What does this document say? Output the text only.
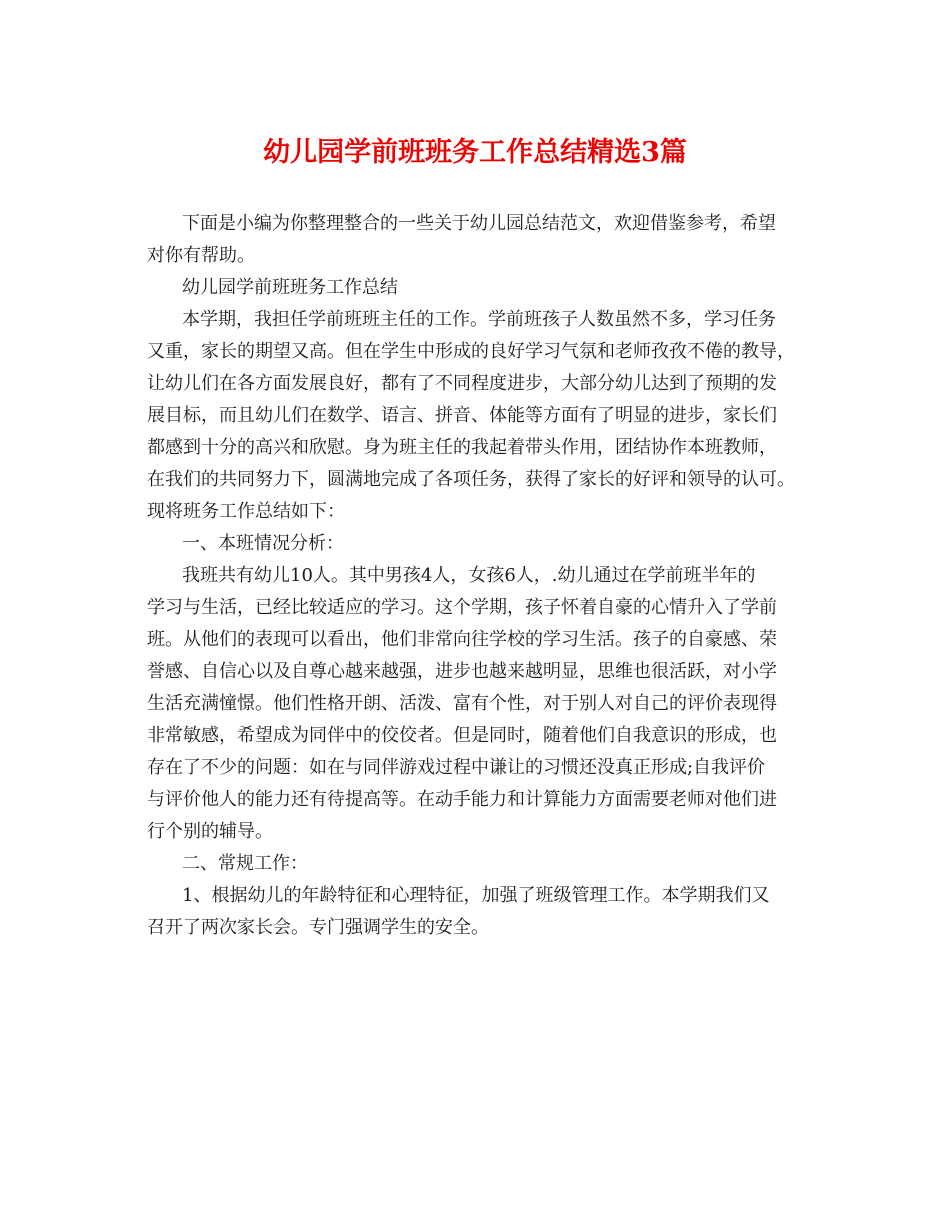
幼儿园学前班班务工作总结精选3篇
下面是小编为你整理整合的一些关于幼儿园总结范文，欢迎借鉴参考，希望
对你有帮助。
幼儿园学前班班务工作总结
本学期，我担任学前班班主任的工作。学前班孩子人数虽然不多，学习任务
又重，家长的期望又高。但在学生中形成的良好学习气氛和老师孜孜不倦的教导，
让幼儿们在各方面发展良好，都有了不同程度进步，大部分幼儿达到了预期的发
展目标，而且幼儿们在数学、语言、拼音、体能等方面有了明显的进步，家长们
都感到十分的高兴和欣慰。身为班主任的我起着带头作用，团结协作本班教师，
在我们的共同努力下，圆满地完成了各项任务，获得了家长的好评和领导的认可。
现将班务工作总结如下：
一、本班情况分析：
我班共有幼儿10人。其中男孩4人，女孩6人，.幼儿通过在学前班半年的
学习与生活，已经比较适应的学习。这个学期，孩子怀着自豪的心情升入了学前
班。从他们的表现可以看出，他们非常向往学校的学习生活。孩子的自豪感、荣
誉感、自信心以及自尊心越来越强，进步也越来越明显，思维也很活跃，对小学
生活充满憧憬。他们性格开朗、活泼、富有个性，对于别人对自己的评价表现得
非常敏感，希望成为同伴中的佼佼者。但是同时，随着他们自我意识的形成，也
存在了不少的问题：如在与同伴游戏过程中谦让的习惯还没真正形成;自我评价
与评价他人的能力还有待提高等。在动手能力和计算能力方面需要老师对他们进
行个别的辅导。
二、常规工作：
1、根据幼儿的年龄特征和心理特征，加强了班级管理工作。本学期我们又
召开了两次家长会。专门强调学生的安全。
